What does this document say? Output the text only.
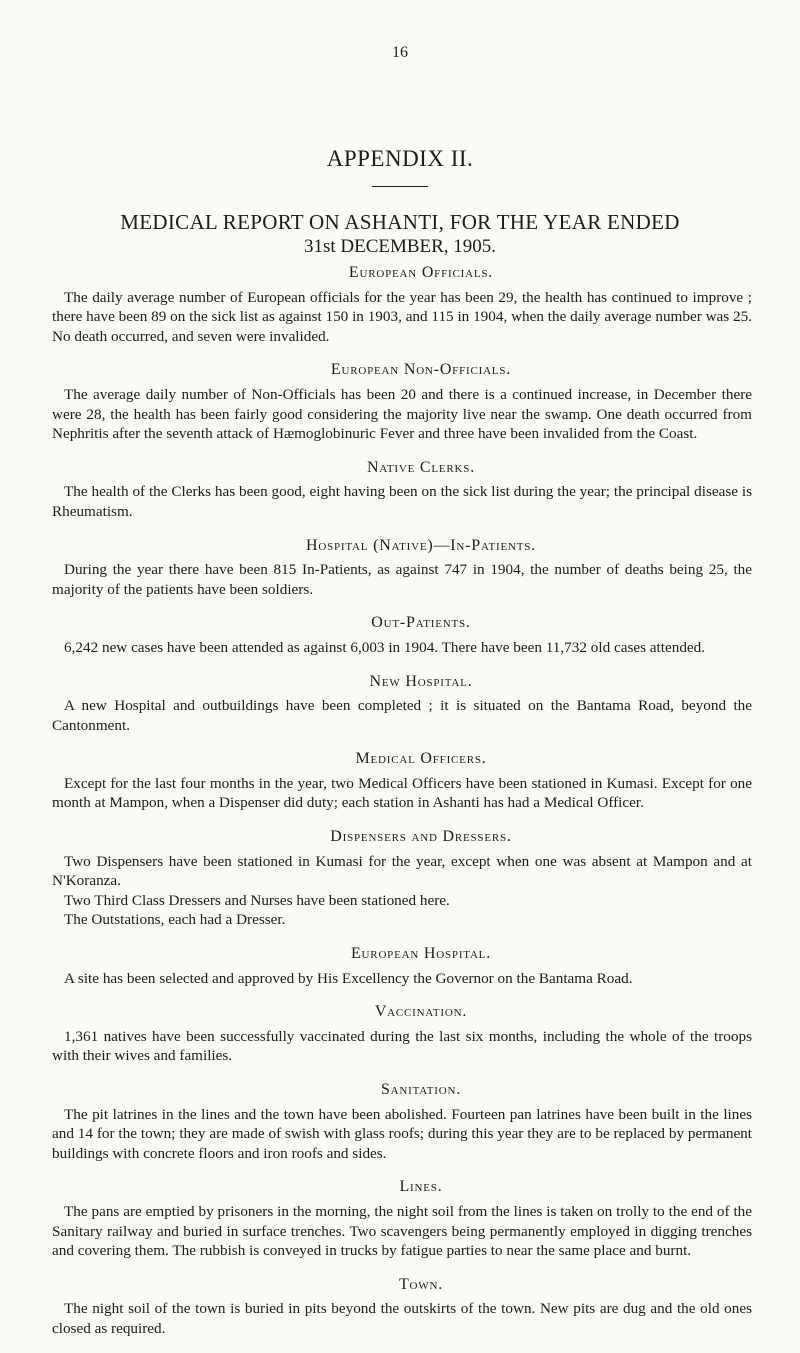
16
APPENDIX II.
MEDICAL REPORT ON ASHANTI, FOR THE YEAR ENDED
31st DECEMBER, 1905.
European Officials.

The daily average number of European officials for the year has been 29, the health has continued to improve ; there have been 89 on the sick list as against 150 in 1903, and 115 in 1904, when the daily average number was 25. No death occurred, and seven were invalided.

European Non-Officials.

The average daily number of Non-Officials has been 20 and there is a continued increase, in December there were 28, the health has been fairly good considering the majority live near the swamp. One death occurred from Nephritis after the seventh attack of Hæmoglobinuric Fever and three have been invalided from the Coast.

Native Clerks.

The health of the Clerks has been good, eight having been on the sick list during the year; the principal disease is Rheumatism.

Hospital (Native)—In-Patients.

During the year there have been 815 In-Patients, as against 747 in 1904, the number of deaths being 25, the majority of the patients have been soldiers.

Out-Patients.

6,242 new cases have been attended as against 6,003 in 1904. There have been 11,732 old cases attended.

New Hospital.

A new Hospital and outbuildings have been completed ; it is situated on the Bantama Road, beyond the Cantonment.

Medical Officers.

Except for the last four months in the year, two Medical Officers have been stationed in Kumasi. Except for one month at Mampon, when a Dispenser did duty; each station in Ashanti has had a Medical Officer.

Dispensers and Dressers.

Two Dispensers have been stationed in Kumasi for the year, except when one was absent at Mampon and at N'Koranza.

Two Third Class Dressers and Nurses have been stationed here.

The Outstations, each had a Dresser.

European Hospital.

A site has been selected and approved by His Excellency the Governor on the Bantama Road.

Vaccination.

1,361 natives have been successfully vaccinated during the last six months, including the whole of the troops with their wives and families.

Sanitation.

The pit latrines in the lines and the town have been abolished. Fourteen pan latrines have been built in the lines and 14 for the town; they are made of swish with glass roofs; during this year they are to be replaced by permanent buildings with concrete floors and iron roofs and sides.

Lines.

The pans are emptied by prisoners in the morning, the night soil from the lines is taken on trolly to the end of the Sanitary railway and buried in surface trenches. Two scavengers being permanently employed in digging trenches and covering them. The rubbish is conveyed in trucks by fatigue parties to near the same place and burnt.

Town.

The night soil of the town is buried in pits beyond the outskirts of the town. New pits are dug and the old ones closed as required.
